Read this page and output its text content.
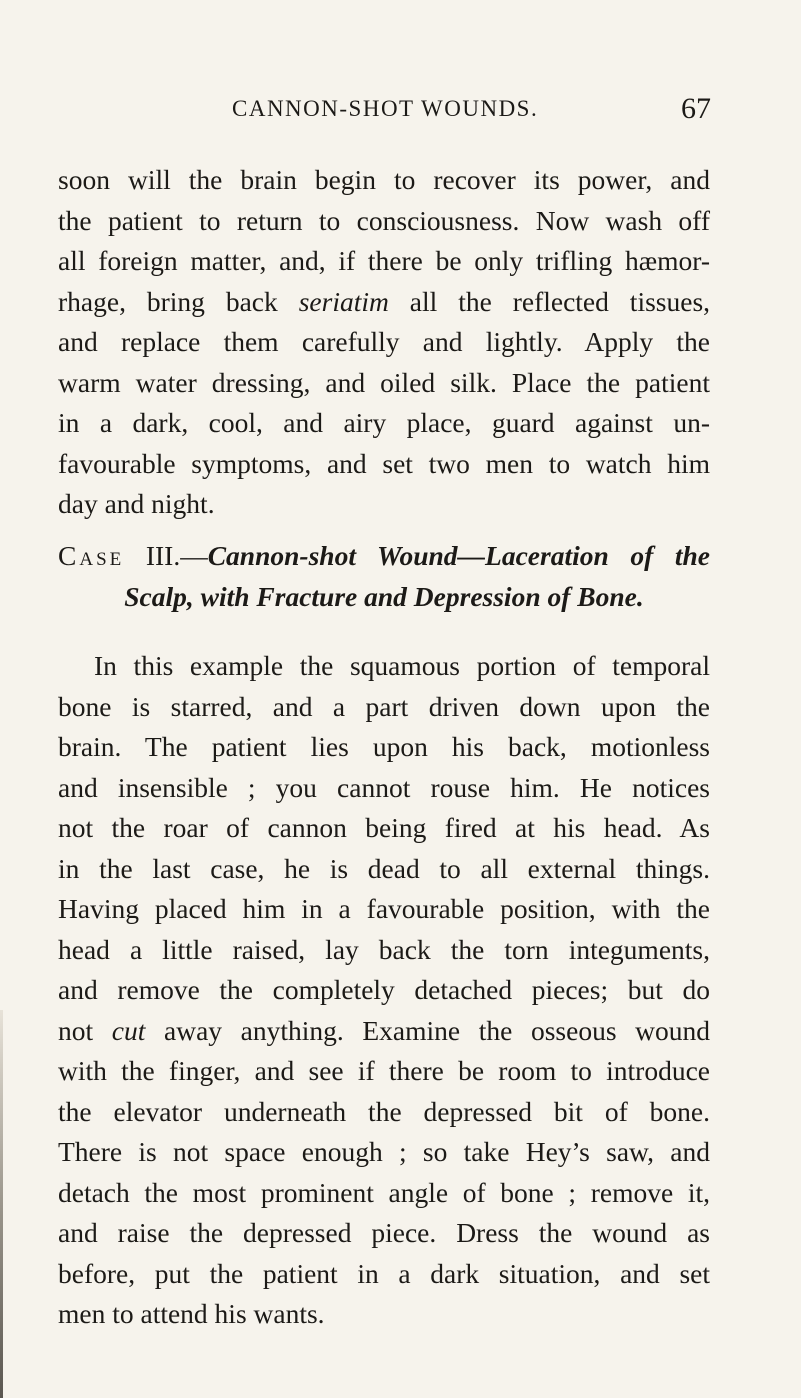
CANNON-SHOT WOUNDS.	67
soon will the brain begin to recover its power, and
the patient to return to consciousness. Now wash off
all foreign matter, and, if there be only trifling hæmor-
rhage, bring back seriatim all the reflected tissues,
and replace them carefully and lightly. Apply the
warm water dressing, and oiled silk. Place the patient
in a dark, cool, and airy place, guard against un-
favourable symptoms, and set two men to watch him
day and night.
Case III.—Cannon-shot Wound—Laceration of the
Scalp, with Fracture and Depression of Bone.
In this example the squamous portion of temporal
bone is starred, and a part driven down upon the
brain. The patient lies upon his back, motionless
and insensible ; you cannot rouse him. He notices
not the roar of cannon being fired at his head. As
in the last case, he is dead to all external things.
Having placed him in a favourable position, with the
head a little raised, lay back the torn integuments,
and remove the completely detached pieces; but do
not cut away anything. Examine the osseous wound
with the finger, and see if there be room to introduce
the elevator underneath the depressed bit of bone.
There is not space enough ; so take Hey’s saw, and
detach the most prominent angle of bone ; remove it,
and raise the depressed piece. Dress the wound as
before, put the patient in a dark situation, and set
men to attend his wants.
